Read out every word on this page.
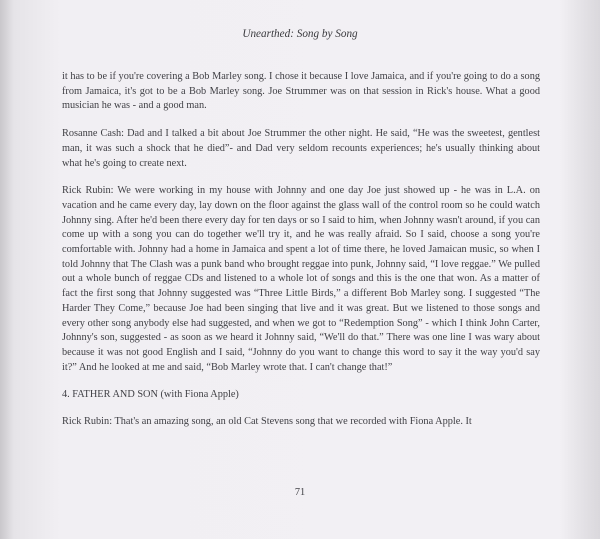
Unearthed: Song by Song

it has to be if you're covering a Bob Marley song. I chose it because I love Jamaica, and if you're going to do a song from Jamaica, it's got to be a Bob Marley song. Joe Strummer was on that session in Rick's house. What a good musician he was - and a good man.

Rosanne Cash: Dad and I talked a bit about Joe Strummer the other night. He said, “He was the sweetest, gentlest man, it was such a shock that he died”- and Dad very seldom recounts experiences; he's usually thinking about what he's going to create next.

Rick Rubin: We were working in my house with Johnny and one day Joe just showed up - he was in L.A. on vacation and he came every day, lay down on the floor against the glass wall of the control room so he could watch Johnny sing. After he'd been there every day for ten days or so I said to him, when Johnny wasn't around, if you can come up with a song you can do together we'll try it, and he was really afraid. So I said, choose a song you're comfortable with. Johnny had a home in Jamaica and spent a lot of time there, he loved Jamaican music, so when I told Johnny that The Clash was a punk band who brought reggae into punk, Johnny said, “I love reggae.” We pulled out a whole bunch of reggae CDs and listened to a whole lot of songs and this is the one that won. As a matter of fact the first song that Johnny suggested was “Three Little Birds,” a different Bob Marley song. I suggested “The Harder They Come,” because Joe had been singing that live and it was great. But we listened to those songs and every other song anybody else had suggested, and when we got to “Redemption Song” - which I think John Carter, Johnny's son, suggested - as soon as we heard it Johnny said, “We'll do that.” There was one line I was wary about because it was not good English and I said, “Johnny do you want to change this word to say it the way you'd say it?” And he looked at me and said, “Bob Marley wrote that. I can't change that!”

4. FATHER AND SON (with Fiona Apple)

Rick Rubin: That's an amazing song, an old Cat Stevens song that we recorded with Fiona Apple. It

71
